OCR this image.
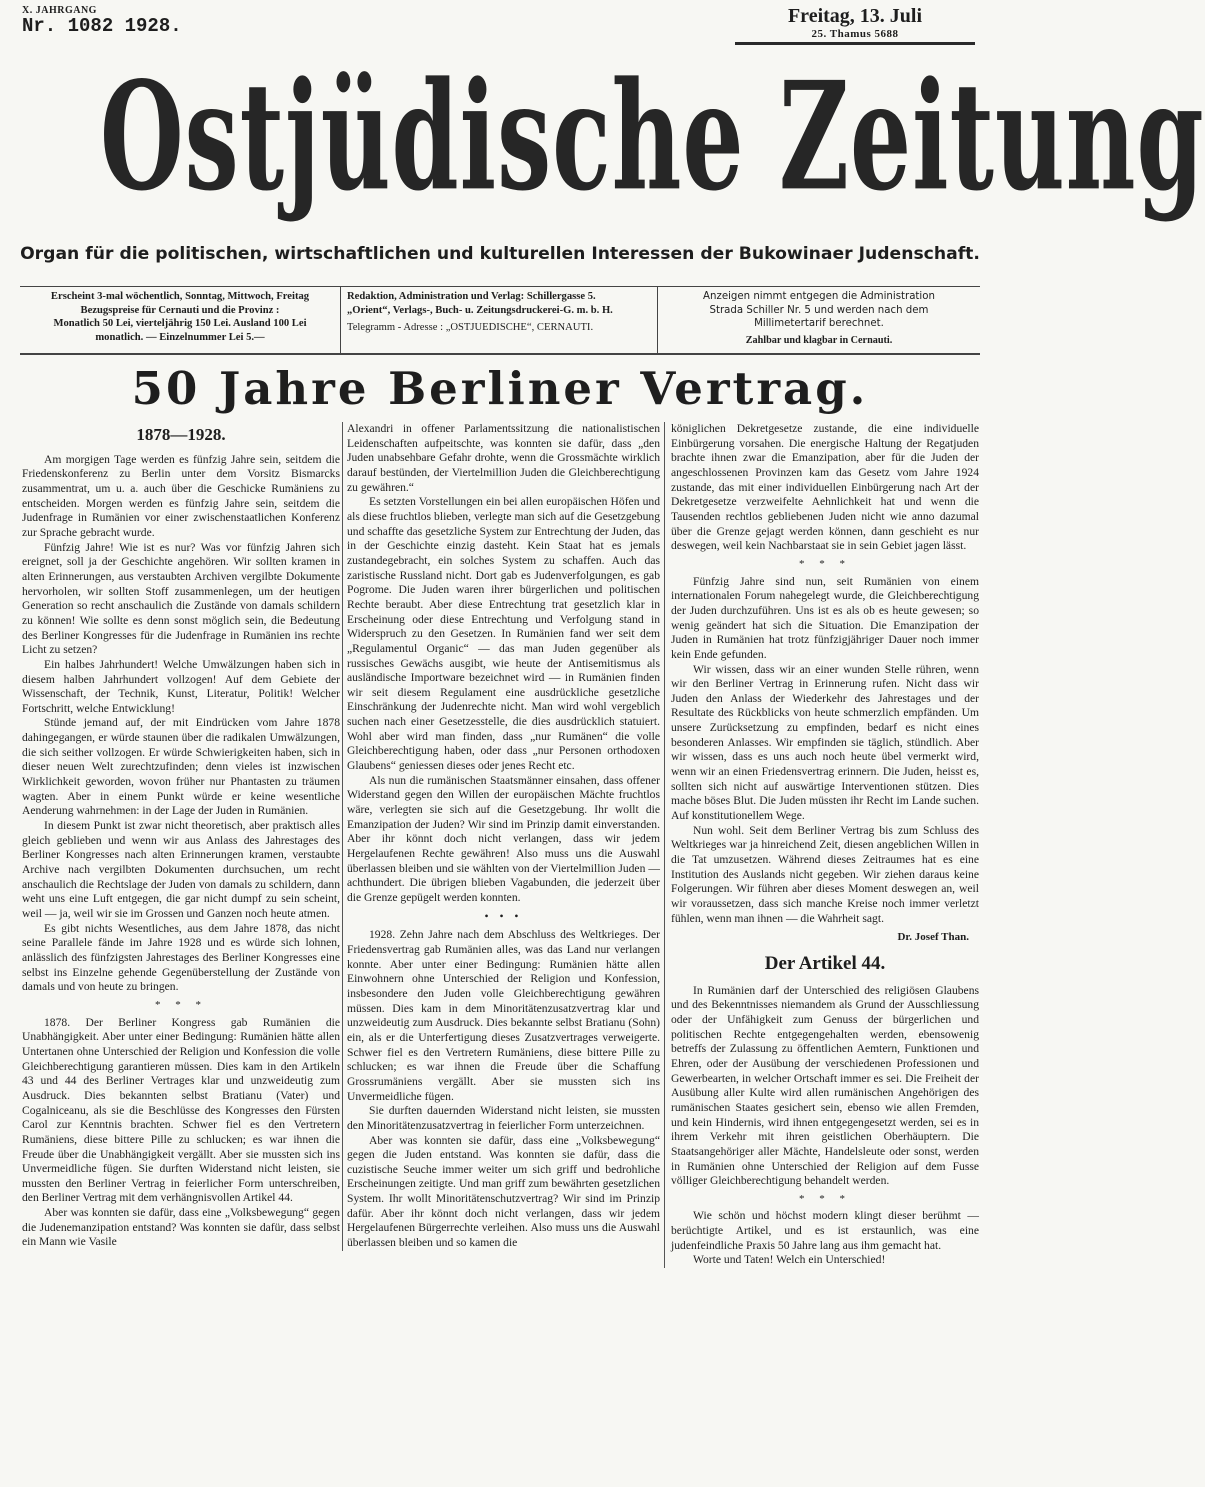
X. JAHRGANG
Nr. 1082 1928.	Freitag, 13. Juli
25. Thamus 5688
Ostjüdische Zeitung
Organ für die politischen, wirtschaftlichen und kulturellen Interessen der Bukowinaer Judenschaft.
Erscheint 3-mal wöchentlich, Sonntag, Mittwoch, Freitag
Bezugspreise für Cernauti und die Provinz :
Monatlich 50 Lei, vierteljährig 150 Lei. Ausland 100 Lei
monatlich. — Einzelnummer Lei 5.—
Redaktion, Administration und Verlag: Schillergasse 5.
„Orient“, Verlags-, Buch- u. Zeitungsdruckerei-G. m. b. H.
Telegramm - Adresse : „OSTJUEDISCHE“, CERNAUTI.
Anzeigen nimmt entgegen die Administration
Strada Schiller Nr. 5 und werden nach dem
Millimetertarif berechnet.
Zahlbar und klagbar in Cernauti.
50 Jahre Berliner Vertrag.
1878—1928.

Am morgigen Tage werden es fünfzig Jahre sein, seitdem die Friedenskonferenz zu Berlin unter dem Vorsitz Bismarcks zusammentrat, um u. a. auch über die Geschicke Rumäniens zu entscheiden. Morgen werden es fünfzig Jahre sein, seitdem die Judenfrage in Rumänien vor einer zwischenstaatlichen Konferenz zur Sprache gebracht wurde.

Fünfzig Jahre! Wie ist es nur? Was vor fünfzig Jahren sich ereignet, soll ja der Geschichte angehören. Wir sollten kramen in alten Erinnerungen, aus verstaubten Archiven vergilbte Dokumente hervorholen, wir sollten Stoff zusammenlegen, um der heutigen Generation so recht anschaulich die Zustände von damals schildern zu können! Wie sollte es denn sonst möglich sein, die Bedeutung des Berliner Kongresses für die Judenfrage in Rumänien ins rechte Licht zu setzen?

Ein halbes Jahrhundert! Welche Umwälzungen haben sich in diesem halben Jahrhundert vollzogen! Auf dem Gebiete der Wissenschaft, der Technik, Kunst, Literatur, Politik! Welcher Fortschritt, welche Entwicklung!

Stünde jemand auf, der mit Eindrücken vom Jahre 1878 dahingegangen, er würde staunen über die radikalen Umwälzungen, die sich seither vollzogen. Er würde Schwierigkeiten haben, sich in dieser neuen Welt zurechtzufinden; denn vieles ist inzwischen Wirklichkeit geworden, wovon früher nur Phantasten zu träumen wagten. Aber in einem Punkt würde er keine wesentliche Aenderung wahrnehmen: in der Lage der Juden in Rumänien.

In diesem Punkt ist zwar nicht theoretisch, aber praktisch alles gleich geblieben und wenn wir aus Anlass des Jahrestages des Berliner Kongresses nach alten Erinnerungen kramen, verstaubte Archive nach vergilbten Dokumenten durchsuchen, um recht anschaulich die Rechtslage der Juden von damals zu schildern, dann weht uns eine Luft entgegen, die gar nicht dumpf zu sein scheint, weil — ja, weil wir sie im Grossen und Ganzen noch heute atmen.

Es gibt nichts Wesentliches, aus dem Jahre 1878, das nicht seine Parallele fände im Jahre 1928 und es würde sich lohnen, anlässlich des fünfzigsten Jahrestages des Berliner Kongresses eine selbst ins Einzelne gehende Gegenüberstellung der Zustände von damals und von heute zu bringen.

* * *

1878. Der Berliner Kongress gab Rumänien die Unabhängigkeit. Aber unter einer Bedingung: Rumänien hätte allen Untertanen ohne Unterschied der Religion und Konfession die volle Gleichberechtigung garantieren müssen. Dies kam in den Artikeln 43 und 44 des Berliner Vertrages klar und unzweideutig zum Ausdruck. Dies bekannten selbst Bratianu (Vater) und Cogalniceanu, als sie die Beschlüsse des Kongresses den Fürsten Carol zur Kenntnis brachten. Schwer fiel es den Vertretern Rumäniens, diese bittere Pille zu schlucken; es war ihnen die Freude über die Unabhängigkeit vergällt. Aber sie mussten sich ins Unvermeidliche fügen. Sie durften Widerstand nicht leisten, sie mussten den Berliner Vertrag in feierlicher Form unterschreiben, den Berliner Vertrag mit dem verhängnisvollen Artikel 44.

Aber was konnten sie dafür, dass eine „Volksbewegung“ gegen die Judenemanzipation entstand? Was konnten sie dafür, dass selbst ein Mann wie Vasile

Alexandri in offener Parlamentssitzung die nationalistischen Leidenschaften aufpeitschte, was konnten sie dafür, dass „den Juden unabsehbare Gefahr drohte, wenn die Grossmächte wirklich darauf bestünden, der Viertelmillion Juden die Gleichberechtigung zu gewähren.“

Es setzten Vorstellungen ein bei allen europäischen Höfen und als diese fruchtlos blieben, verlegte man sich auf die Gesetzgebung und schaffte das gesetzliche System zur Entrechtung der Juden, das in der Geschichte einzig dasteht. Kein Staat hat es jemals zustandegebracht, ein solches System zu schaffen. Auch das zaristische Russland nicht. Dort gab es Judenverfolgungen, es gab Pogrome. Die Juden waren ihrer bürgerlichen und politischen Rechte beraubt. Aber diese Entrechtung trat gesetzlich klar in Erscheinung oder diese Entrechtung und Verfolgung stand in Widerspruch zu den Gesetzen. In Rumänien fand wer seit dem „Regulamentul Organic“ — das man Juden gegenüber als russisches Gewächs ausgibt, wie heute der Antisemitismus als ausländische Importware bezeichnet wird — in Rumänien finden wir seit diesem Regulament eine ausdrückliche gesetzliche Einschränkung der Judenrechte nicht. Man wird wohl vergeblich suchen nach einer Gesetzesstelle, die dies ausdrücklich statuiert. Wohl aber wird man finden, dass „nur Rumänen“ die volle Gleichberechtigung haben, oder dass „nur Personen orthodoxen Glaubens“ geniessen dieses oder jenes Recht etc.

Als nun die rumänischen Staatsmänner einsahen, dass offener Widerstand gegen den Willen der europäischen Mächte fruchtlos wäre, verlegten sie sich auf die Gesetzgebung. Ihr wollt die Emanzipation der Juden? Wir sind im Prinzip damit einverstanden. Aber ihr könnt doch nicht verlangen, dass wir jedem Hergelaufenen Rechte gewähren! Also muss uns die Auswahl überlassen bleiben und sie wählten von der Viertelmillion Juden — achthundert. Die übrigen blieben Vagabunden, die jederzeit über die Grenze gepügelt werden konnten.

• • •

1928. Zehn Jahre nach dem Abschluss des Weltkrieges. Der Friedensvertrag gab Rumänien alles, was das Land nur verlangen konnte. Aber unter einer Bedingung: Rumänien hätte allen Einwohnern ohne Unterschied der Religion und Konfession, insbesondere den Juden volle Gleichberechtigung gewähren müssen. Dies kam in dem Minoritätenzusatzvertrag klar und unzweideutig zum Ausdruck. Dies bekannte selbst Bratianu (Sohn) ein, als er die Unterfertigung dieses Zusatzvertrages verweigerte. Schwer fiel es den Vertretern Rumäniens, diese bittere Pille zu schlucken; es war ihnen die Freude über die Schaffung Grossrumäniens vergällt. Aber sie mussten sich ins Unvermeidliche fügen.

Sie durften dauernden Widerstand nicht leisten, sie mussten den Minoritätenzusatzvertrag in feierlicher Form unterzeichnen.

Aber was konnten sie dafür, dass eine „Volksbewegung“ gegen die Juden entstand. Was konnten sie dafür, dass die cuzistische Seuche immer weiter um sich griff und bedrohliche Erscheinungen zeitigte. Und man griff zum bewährten gesetzlichen System. Ihr wollt Minoritätenschutzvertrag? Wir sind im Prinzip dafür. Aber ihr könnt doch nicht verlangen, dass wir jedem Hergelaufenen Bürgerrechte verleihen. Also muss uns die Auswahl überlassen bleiben und so kamen die

königlichen Dekretgesetze zustande, die eine individuelle Einbürgerung vorsahen. Die energische Haltung der Regatjuden brachte ihnen zwar die Emanzipation, aber für die Juden der angeschlossenen Provinzen kam das Gesetz vom Jahre 1924 zustande, das mit einer individuellen Einbürgerung nach Art der Dekretgesetze verzweifelte Aehnlichkeit hat und wenn die Tausenden rechtlos gebliebenen Juden nicht wie anno dazumal über die Grenze gejagt werden können, dann geschieht es nur deswegen, weil kein Nachbarstaat sie in sein Gebiet jagen lässt.

* * *

Fünfzig Jahre sind nun, seit Rumänien von einem internationalen Forum nahegelegt wurde, die Gleichberechtigung der Juden durchzuführen. Uns ist es als ob es heute gewesen; so wenig geändert hat sich die Situation. Die Emanzipation der Juden in Rumänien hat trotz fünfzigjähriger Dauer noch immer kein Ende gefunden.

Wir wissen, dass wir an einer wunden Stelle rühren, wenn wir den Berliner Vertrag in Erinnerung rufen. Nicht dass wir Juden den Anlass der Wiederkehr des Jahrestages und der Resultate des Rückblicks von heute schmerzlich empfänden. Um unsere Zurücksetzung zu empfinden, bedarf es nicht eines besonderen Anlasses. Wir empfinden sie täglich, stündlich. Aber wir wissen, dass es uns auch noch heute übel vermerkt wird, wenn wir an einen Friedensvertrag erinnern. Die Juden, heisst es, sollten sich nicht auf auswärtige Interventionen stützen. Dies mache böses Blut. Die Juden müssten ihr Recht im Lande suchen. Auf konstitutionellem Wege.

Nun wohl. Seit dem Berliner Vertrag bis zum Schluss des Weltkrieges war ja hinreichend Zeit, diesen angeblichen Willen in die Tat umzusetzen. Während dieses Zeitraumes hat es eine Institution des Auslands nicht gegeben. Wir ziehen daraus keine Folgerungen. Wir führen aber dieses Moment deswegen an, weil wir voraussetzen, dass sich manche Kreise noch immer verletzt fühlen, wenn man ihnen — die Wahrheit sagt.

Dr. Josef Than.
Der Artikel 44.

In Rumänien darf der Unterschied des religiösen Glaubens und des Bekenntnisses niemandem als Grund der Ausschliessung oder der Unfähigkeit zum Genuss der bürgerlichen und politischen Rechte entgegengehalten werden, ebensowenig betreffs der Zulassung zu öffentlichen Aemtern, Funktionen und Ehren, oder der Ausübung der verschiedenen Professionen und Gewerbearten, in welcher Ortschaft immer es sei. Die Freiheit der Ausübung aller Kulte wird allen rumänischen Angehörigen des rumänischen Staates gesichert sein, ebenso wie allen Fremden, und kein Hindernis, wird ihnen entgegengesetzt werden, sei es in ihrem Verkehr mit ihren geistlichen Oberhäuptern. Die Staatsangehöriger aller Mächte, Handelsleute oder sonst, werden in Rumänien ohne Unterschied der Religion auf dem Fusse völliger Gleichberechtigung behandelt werden.

* * *

Wie schön und höchst modern klingt dieser berühmt — berüchtigte Artikel, und es ist erstaunlich, was eine judenfeindliche Praxis 50 Jahre lang aus ihm gemacht hat.

Worte und Taten! Welch ein Unterschied!
